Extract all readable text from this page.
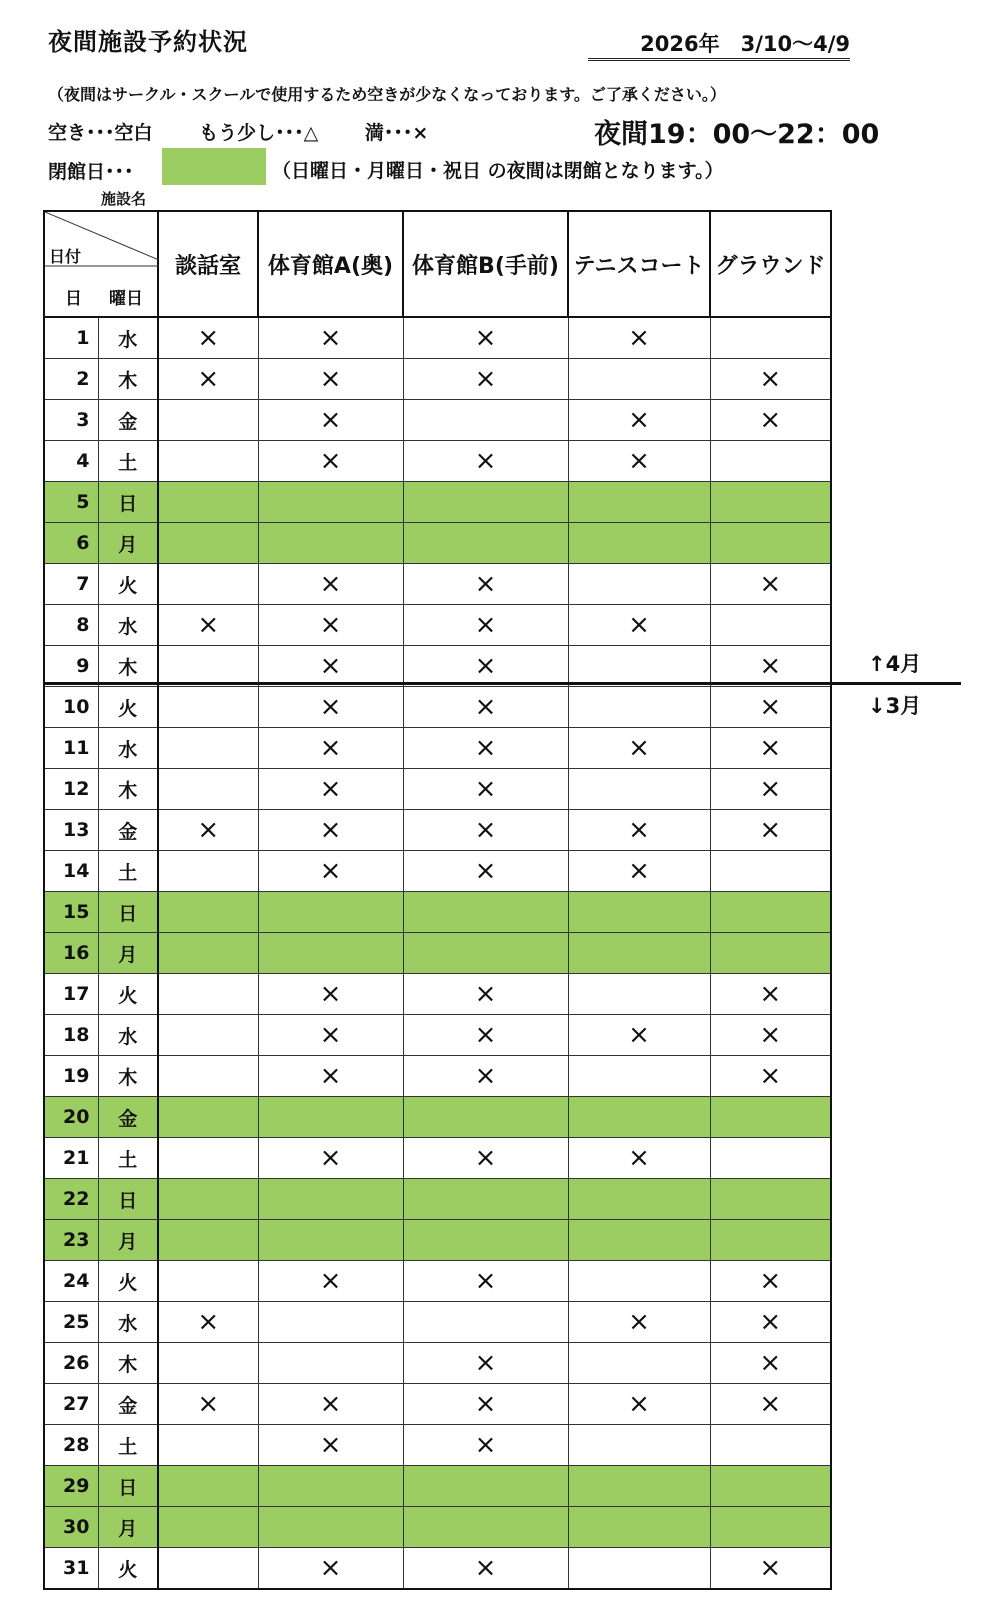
夜間施設予約状況	2026年　3/10～4/9
（夜間はサークル・スクールで使用するため空きが少なくなっております。ご了承ください。）
空き･･･空白 もう少し･･･△ 満･･･×	夜間19：00～22：00
閉館日･･･	（日曜日・月曜日・祝日 の夜間は閉館となります。）
施設名
日付
日 曜日		談話室	体育館A(奥)	体育館B(手前)	テニスコート	グラウンド
1	水	×	×	×	×	
2	木	×	×	×		×
3	金		×		×	×
4	土		×	×	×	
5	日					
6	月					
7	火		×	×		×
8	水	×	×	×	×	
9	木		×	×		×
10	火		×	×		×
11	水		×	×	×	×
12	木		×	×		×
13	金	×	×	×	×	×
14	土		×	×	×	
15	日					
16	月					
17	火		×	×		×
18	水		×	×	×	×
19	木		×	×		×
20	金					
21	土		×	×	×	
22	日					
23	月					
24	火		×	×		×
25	水	×			×	×
26	木			×		×
27	金	×	×	×	×	×
28	土		×	×		
29	日					
30	月					
31	火		×	×		×
↑4月
↓3月
